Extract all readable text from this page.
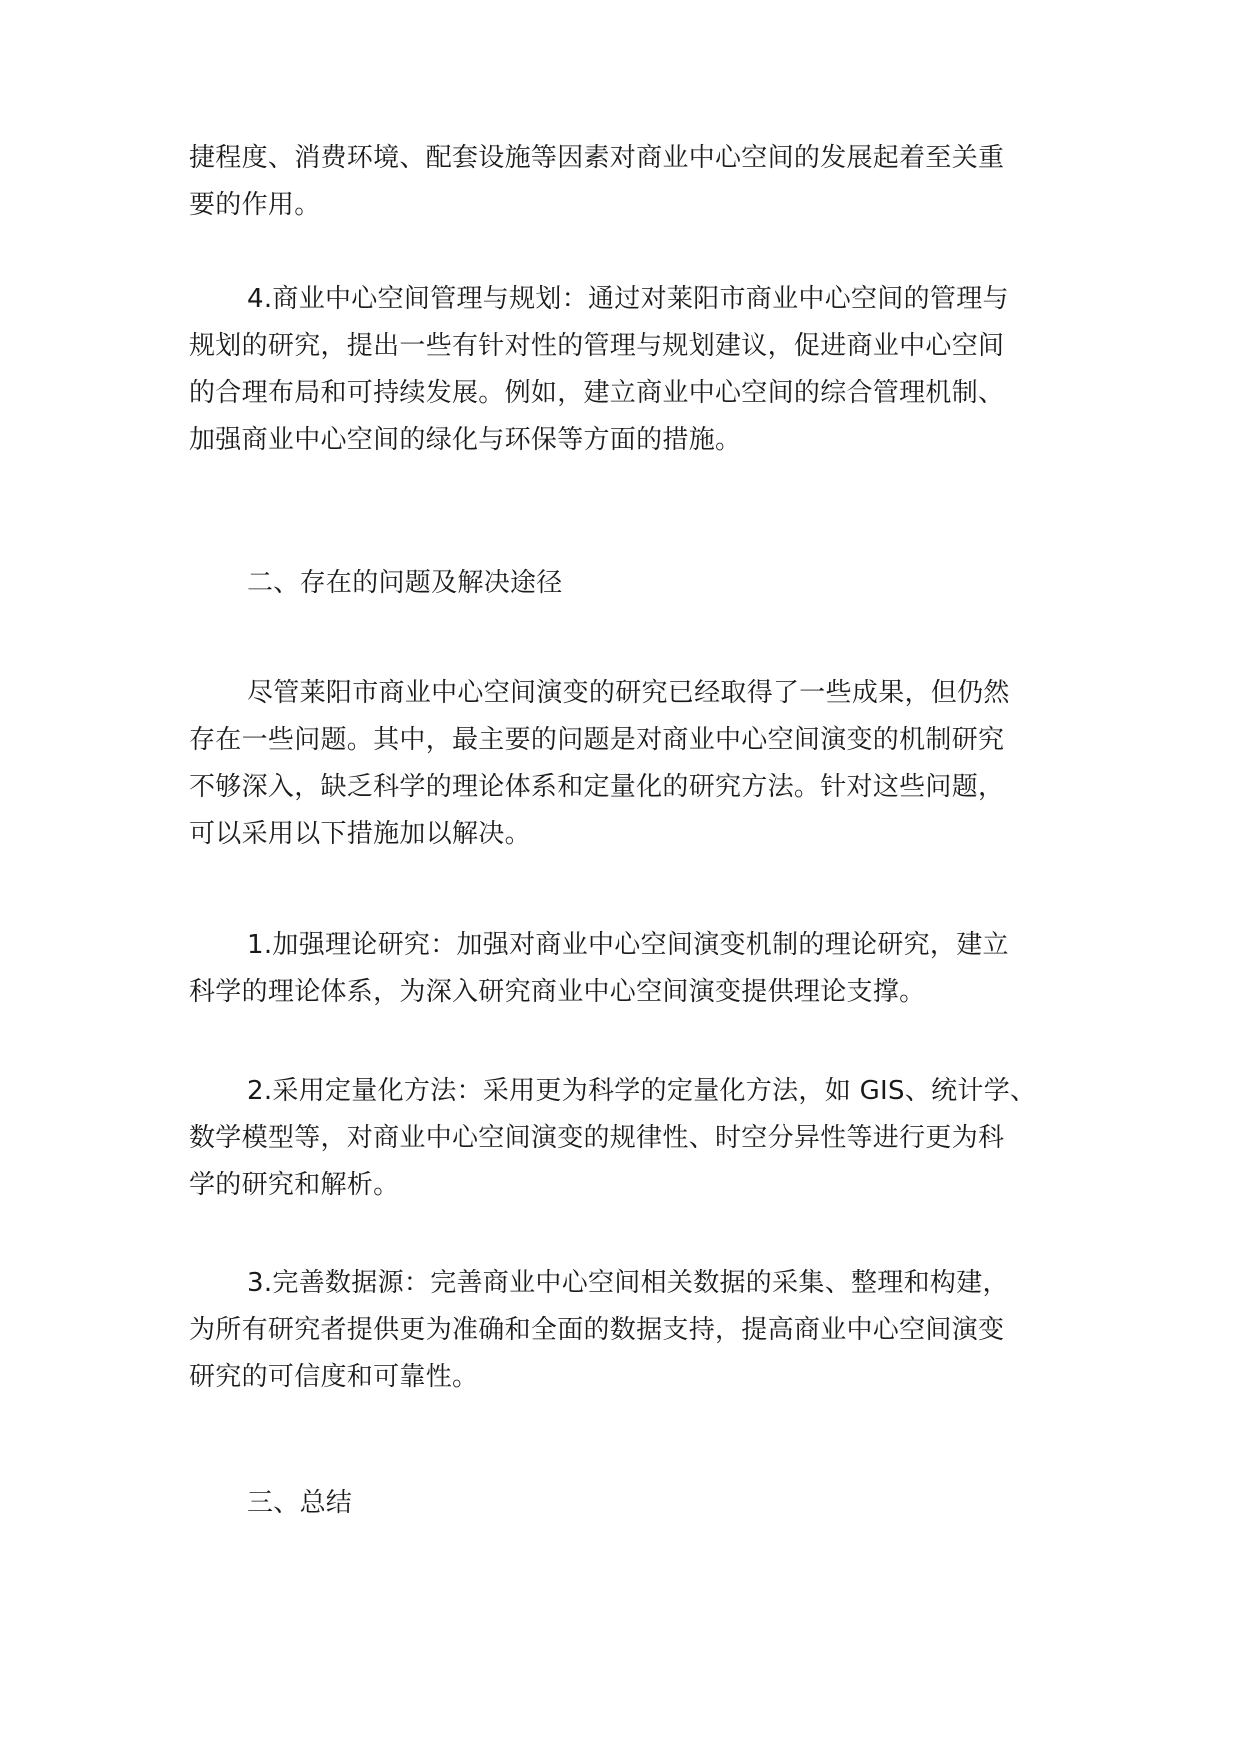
捷程度、消费环境、配套设施等因素对商业中心空间的发展起着至关重
要的作用。
4.商业中心空间管理与规划：通过对莱阳市商业中心空间的管理与
规划的研究，提出一些有针对性的管理与规划建议，促进商业中心空间
的合理布局和可持续发展。例如，建立商业中心空间的综合管理机制、
加强商业中心空间的绿化与环保等方面的措施。
二、存在的问题及解决途径
尽管莱阳市商业中心空间演变的研究已经取得了一些成果，但仍然
存在一些问题。其中，最主要的问题是对商业中心空间演变的机制研究
不够深入，缺乏科学的理论体系和定量化的研究方法。针对这些问题，
可以采用以下措施加以解决。
1.加强理论研究：加强对商业中心空间演变机制的理论研究，建立
科学的理论体系，为深入研究商业中心空间演变提供理论支撑。
2.采用定量化方法：采用更为科学的定量化方法，如 GIS、统计学、
数学模型等，对商业中心空间演变的规律性、时空分异性等进行更为科
学的研究和解析。
3.完善数据源：完善商业中心空间相关数据的采集、整理和构建，
为所有研究者提供更为准确和全面的数据支持，提高商业中心空间演变
研究的可信度和可靠性。
三、总结
